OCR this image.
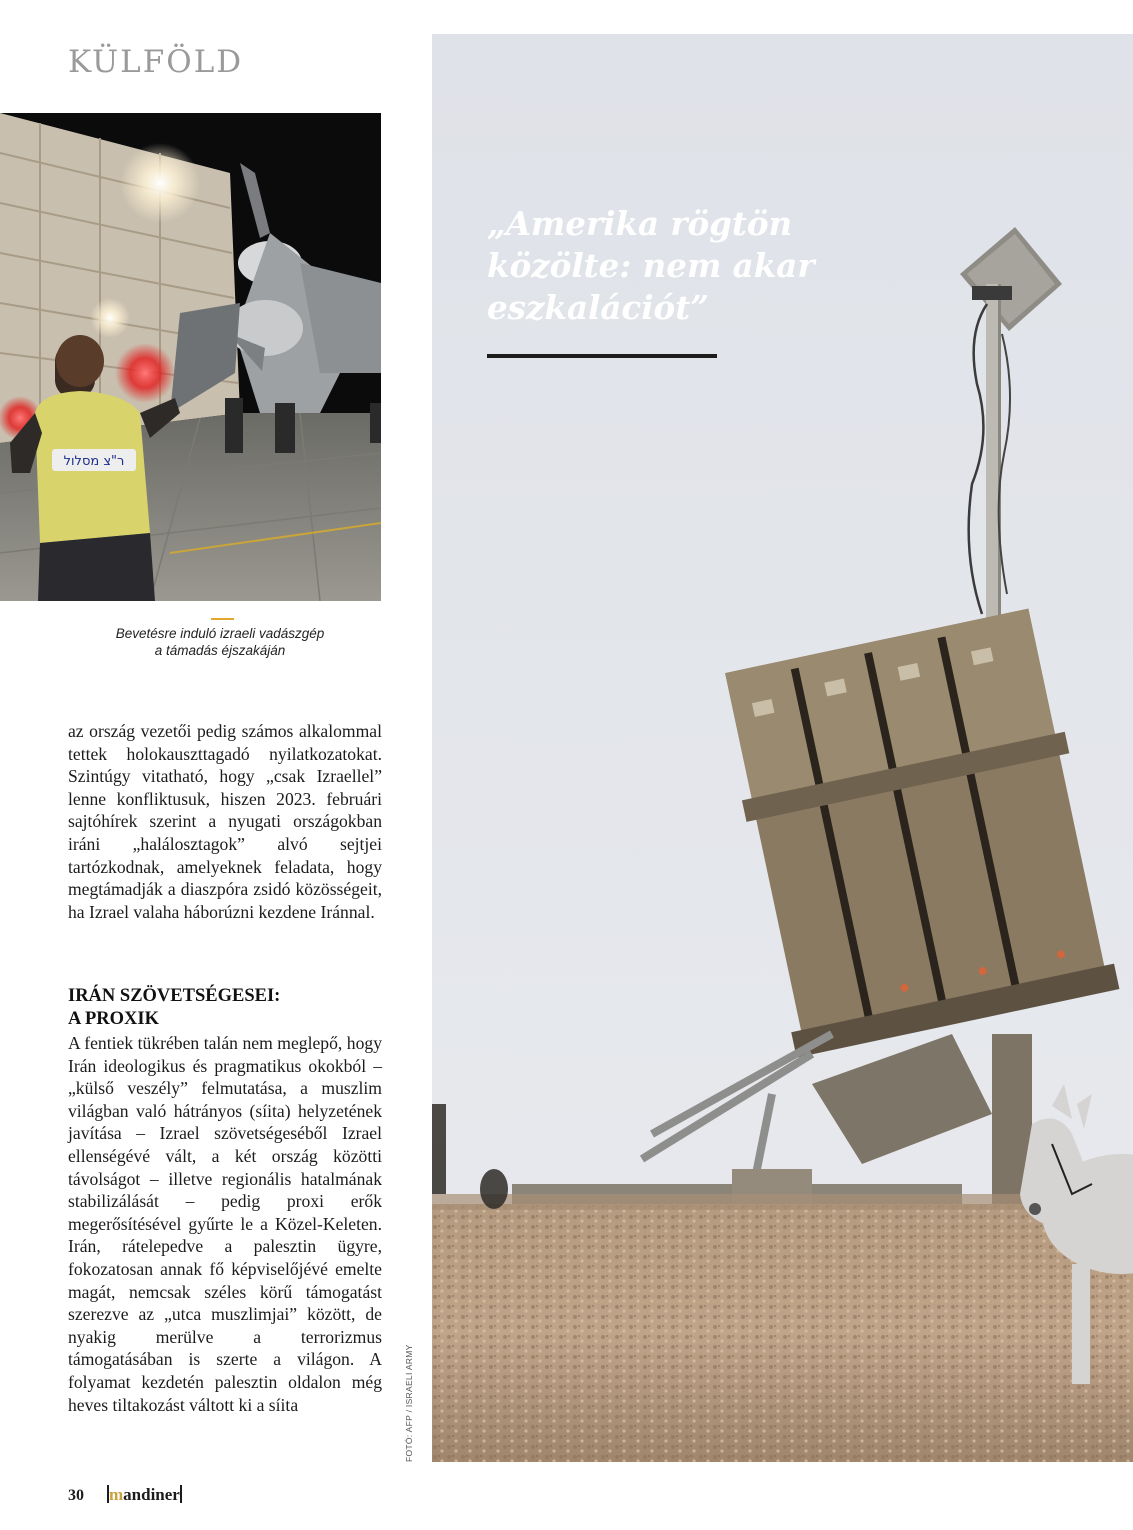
KÜLFÖLD
ר"צ מסלול
Bevetésre induló izraeli vadászgép
a támadás éjszakáján

az ország vezetői pedig számos alkalommal tettek holokauszttagadó nyilatkozatokat. Szintúgy vitatható, hogy „csak Izraellel” lenne konfliktusuk, hiszen 2023. februári sajtóhírek szerint a nyugati országokban iráni „halálosztagok” alvó sejtjei tartózkodnak, amelyeknek feladata, hogy megtámadják a diaszpóra zsidó közösségeit, ha Izrael valaha háborúzni kezdene Iránnal.

IRÁN SZÖVETSÉGESEI:
A PROXIK

A fentiek tükrében talán nem meglepő, hogy Irán ideologikus és pragmatikus okokból – „külső veszély” felmutatása, a muszlim világban való hátrányos (síita) helyzetének javítása – Izrael szövetségeséből Izrael ellenségévé vált, a két ország közötti távolságot – illetve regionális hatalmának stabilizálását – pedig proxi erők megerősítésével gyűrte le a Közel-Keleten. Irán, rátelepedve a palesztin ügyre, fokozatosan annak fő képviselőjévé emelte magát, nemcsak széles körű támogatást szerezve az „utca muszlimjai” között, de nyakig merülve a terrorizmus támogatásában is szerte a világon. A folyamat kezdetén palesztin oldalon még heves tiltakozást váltott ki a síita

„Amerika rögtön
közölte: nem akar
eszkalációt”
FOTÓ: AFP / ISRAELI ARMY
30 mandiner
